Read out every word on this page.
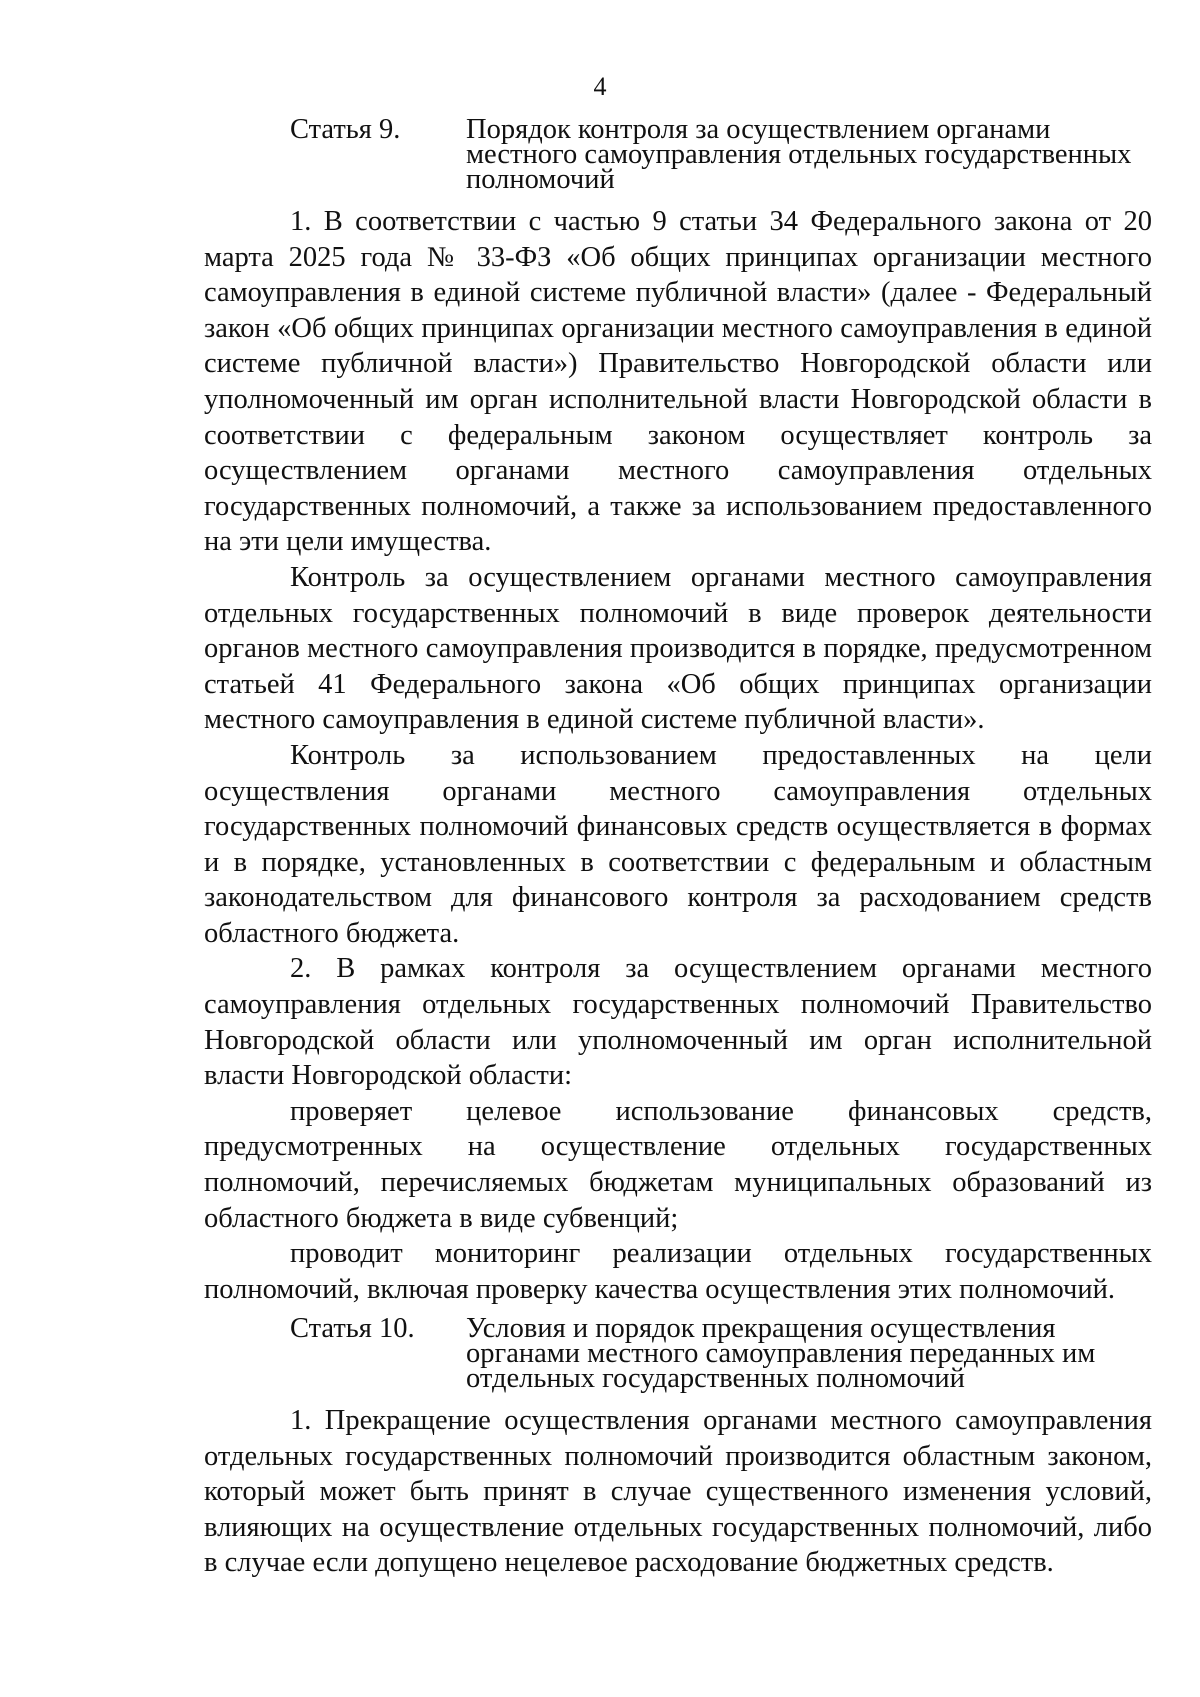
4
Статья 9.	Порядок контроля за осуществлением органами
местного самоуправления отдельных государственных
полномочий

1. В соответствии с частью 9 статьи 34 Федерального закона от 20 марта 2025 года № 33-ФЗ «Об общих принципах организации местного самоуправления в единой системе публичной власти» (далее - Федеральный закон «Об общих принципах организации местного самоуправления в единой системе публичной власти») Правительство Новгородской области или уполномоченный им орган исполнительной власти Новгородской области в соответствии с федеральным законом осуществляет контроль за осуществлением органами местного самоуправления отдельных государственных полномочий, а также за использованием предоставленного на эти цели имущества.

Контроль за осуществлением органами местного самоуправления отдельных государственных полномочий в виде проверок деятельности органов местного самоуправления производится в порядке, предусмотренном статьей 41 Федерального закона «Об общих принципах организации местного самоуправления в единой системе публичной власти».

Контроль за использованием предоставленных на цели осуществления органами местного самоуправления отдельных государственных полномочий финансовых средств осуществляется в формах и в порядке, установленных в соответствии с федеральным и областным законодательством для финансового контроля за расходованием средств областного бюджета.

2. В рамках контроля за осуществлением органами местного самоуправления отдельных государственных полномочий Правительство Новгородской области или уполномоченный им орган исполнительной власти Новгородской области:

проверяет целевое использование финансовых средств, предусмотренных на осуществление отдельных государственных полномочий, перечисляемых бюджетам муниципальных образований из областного бюджета в виде субвенций;

проводит мониторинг реализации отдельных государственных полномочий, включая проверку качества осуществления этих полномочий.

Статья 10.	Условия и порядок прекращения осуществления
органами местного самоуправления переданных им
отдельных государственных полномочий

1. Прекращение осуществления органами местного самоуправления отдельных государственных полномочий производится областным законом, который может быть принят в случае существенного изменения условий, влияющих на осуществление отдельных государственных полномочий, либо в случае если допущено нецелевое расходование бюджетных средств.
